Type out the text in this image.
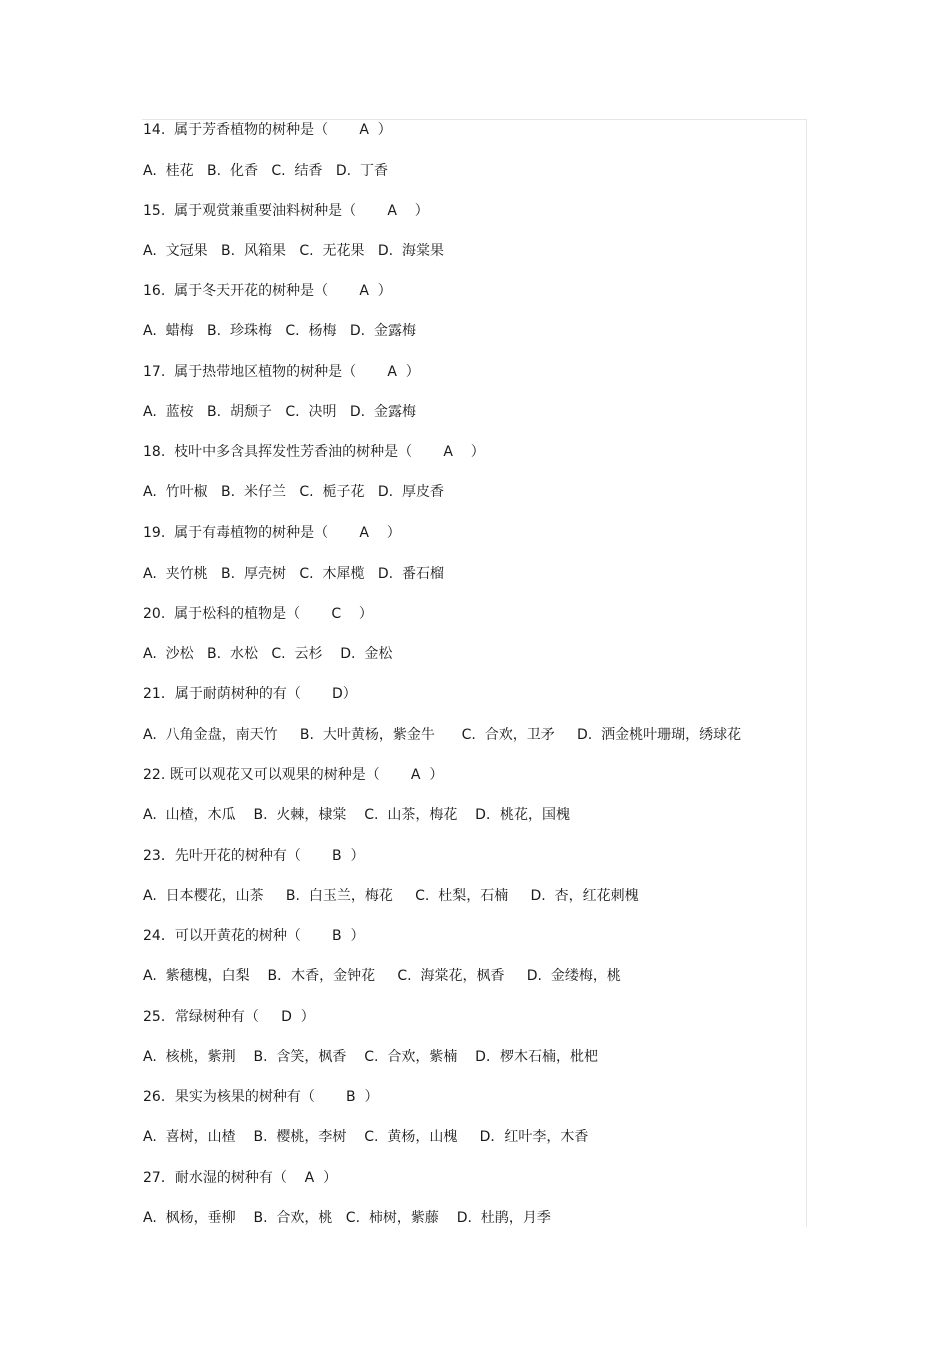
14.  属于芳香植物的树种是（       A  ）
A.  桂花   B.  化香   C.  结香   D.  丁香
15.  属于观赏兼重要油料树种是（       A    ）
A.  文冠果   B.  风箱果   C.  无花果   D.  海棠果
16.  属于冬天开花的树种是（       A  ）
A.  蜡梅   B.  珍珠梅   C.  杨梅   D.  金露梅
17.  属于热带地区植物的树种是（       A  ）
A.  蓝桉   B.  胡颓子   C.  决明   D.  金露梅
18.  枝叶中多含具挥发性芳香油的树种是（       A    ）
A.  竹叶椒   B.  米仔兰   C.  栀子花   D.  厚皮香
19.  属于有毒植物的树种是（       A    ）
A.  夹竹桃   B.  厚壳树   C.  木犀榄   D.  番石榴
20.  属于松科的植物是（       C    ）
A.  沙松   B.  水松   C.  云杉    D.  金松
21．属于耐荫树种的有（       D）
A.  八角金盘，南天竹     B.  大叶黄杨，紫金牛      C.  合欢，卫矛     D.  洒金桃叶珊瑚，绣球花
22. 既可以观花又可以观果的树种是（       A  ）
A.  山楂，木瓜    B.  火棘，棣棠    C.  山茶，梅花    D．桃花，国槐
23．先叶开花的树种有（       B  ）
A.  日本樱花，山茶     B.  白玉兰，梅花     C.  杜梨，石楠     D.  杏，红花刺槐
24．可以开黄花的树种（       B  ）
A.  紫穗槐，白梨    B．木香，金钟花     C.  海棠花，枫香     D.  金缕梅，桃
25．常绿树种有（     D  ）
A.  核桃，紫荆    B.  含笑，枫香    C.  合欢，紫楠    D．椤木石楠，枇杷
26．果实为核果的树种有（       B  ）
A.  喜树，山楂    B.  樱桃，李树    C.  黄杨，山槐     D．红叶李，木香
27．耐水湿的树种有（    A  ）
A.  枫杨，垂柳    B.  合欢，桃   C.  柿树，紫藤    D.  杜鹃，月季
